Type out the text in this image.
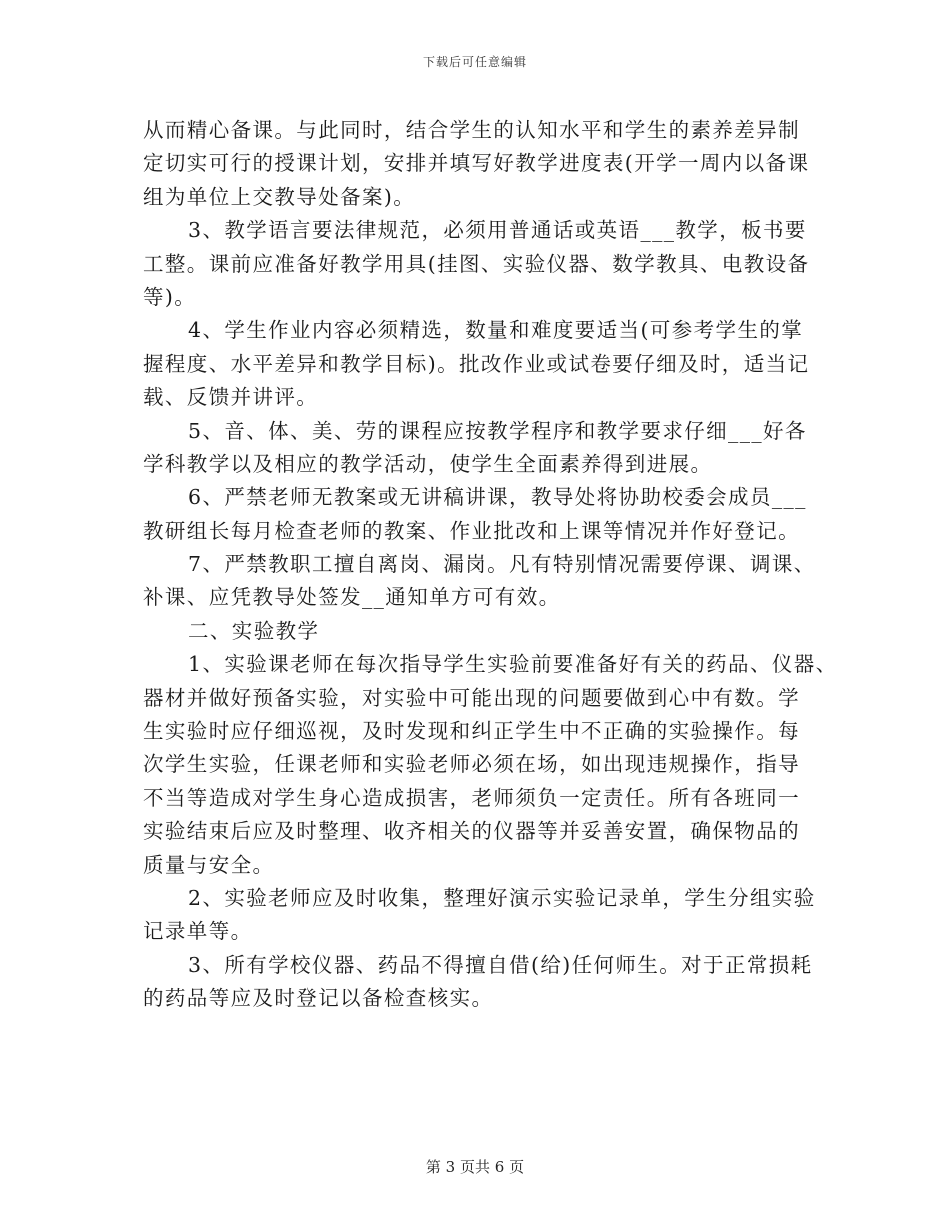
下载后可任意编辑
从而精心备课。与此同时，结合学生的认知水平和学生的素养差异制
定切实可行的授课计划，安排并填写好教学进度表(开学一周内以备课
组为单位上交教导处备案)。
3、教学语言要法律规范，必须用普通话或英语___教学，板书要
工整。课前应准备好教学用具(挂图、实验仪器、数学教具、电教设备
等)。
4、学生作业内容必须精选，数量和难度要适当(可参考学生的掌
握程度、水平差异和教学目标)。批改作业或试卷要仔细及时，适当记
载、反馈并讲评。
5、音、体、美、劳的课程应按教学程序和教学要求仔细___好各
学科教学以及相应的教学活动，使学生全面素养得到进展。
6、严禁老师无教案或无讲稿讲课，教导处将协助校委会成员___
教研组长每月检查老师的教案、作业批改和上课等情况并作好登记。
7、严禁教职工擅自离岗、漏岗。凡有特别情况需要停课、调课、
补课、应凭教导处签发__通知单方可有效。
二、实验教学
1、实验课老师在每次指导学生实验前要准备好有关的药品、仪器、
器材并做好预备实验，对实验中可能出现的问题要做到心中有数。学
生实验时应仔细巡视，及时发现和纠正学生中不正确的实验操作。每
次学生实验，任课老师和实验老师必须在场，如出现违规操作，指导
不当等造成对学生身心造成损害，老师须负一定责任。所有各班同一
实验结束后应及时整理、收齐相关的仪器等并妥善安置，确保物品的
质量与安全。
2、实验老师应及时收集，整理好演示实验记录单，学生分组实验
记录单等。
3、所有学校仪器、药品不得擅自借(给)任何师生。对于正常损耗
的药品等应及时登记以备检查核实。
第 3 页共 6 页
